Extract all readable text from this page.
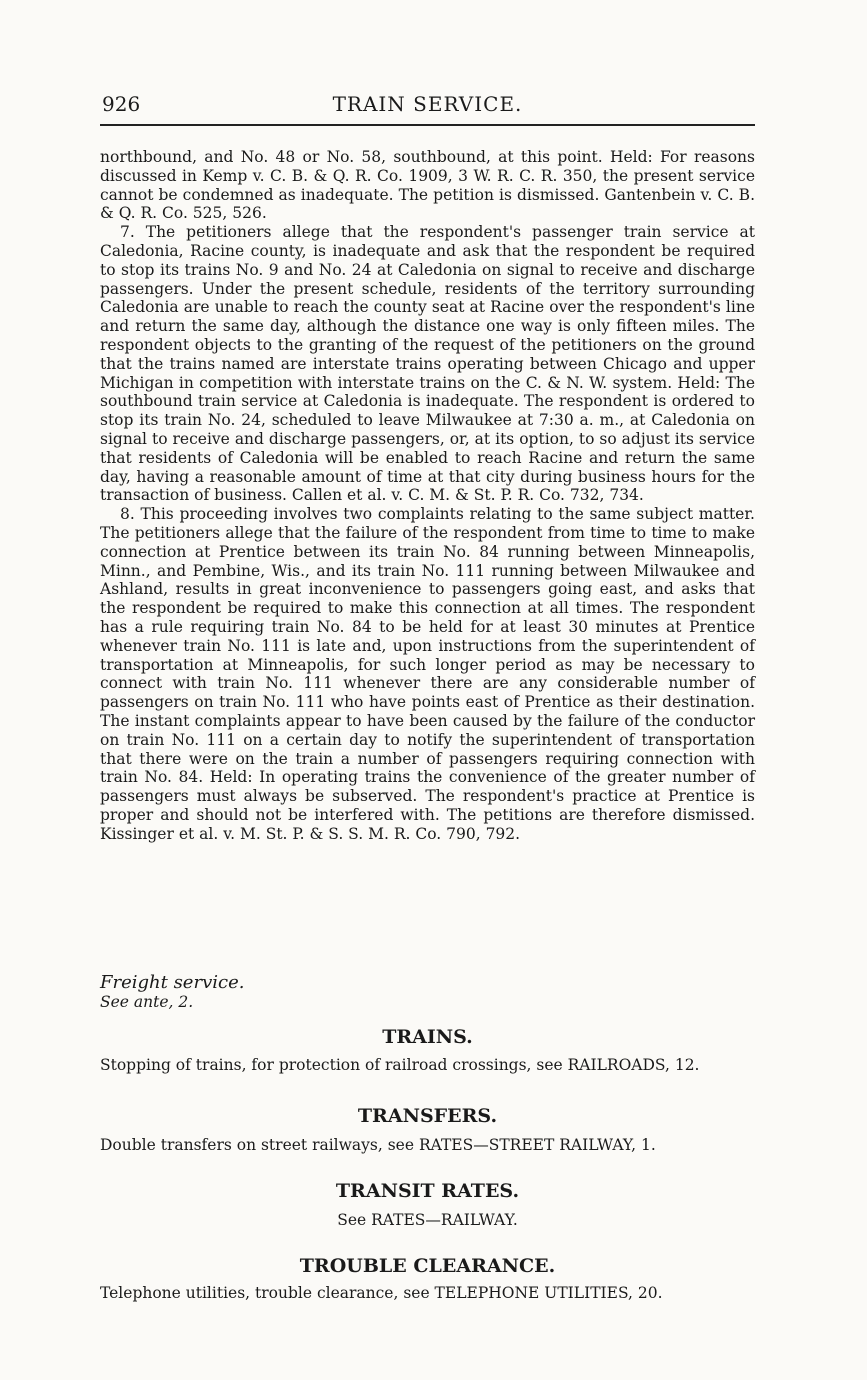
926	TRAIN SERVICE.

northbound, and No. 48 or No. 58, southbound, at this point. Held: For reasons discussed in Kemp v. C. B. & Q. R. Co. 1909, 3 W. R. C. R. 350, the present service cannot be condemned as inadequate. The petition is dismissed. Gantenbein v. C. B. & Q. R. Co. 525, 526.

7. The petitioners allege that the respondent's passenger train service at Caledonia, Racine county, is inadequate and ask that the respondent be required to stop its trains No. 9 and No. 24 at Caledonia on signal to receive and discharge passengers. Under the present schedule, residents of the territory surrounding Caledonia are unable to reach the county seat at Racine over the respondent's line and return the same day, although the distance one way is only fifteen miles. The respondent objects to the granting of the request of the petitioners on the ground that the trains named are interstate trains operating between Chicago and upper Michigan in competition with interstate trains on the C. & N. W. system. Held: The southbound train service at Caledonia is inadequate. The respondent is ordered to stop its train No. 24, scheduled to leave Milwaukee at 7:30 a. m., at Caledonia on signal to receive and discharge passengers, or, at its option, to so adjust its service that residents of Caledonia will be enabled to reach Racine and return the same day, having a reasonable amount of time at that city during business hours for the transaction of business. Callen et al. v. C. M. & St. P. R. Co. 732, 734.

8. This proceeding involves two complaints relating to the same subject matter. The petitioners allege that the failure of the respondent from time to time to make connection at Prentice between its train No. 84 running between Minneapolis, Minn., and Pembine, Wis., and its train No. 111 running between Milwaukee and Ashland, results in great inconvenience to passengers going east, and asks that the respondent be required to make this connection at all times. The respondent has a rule requiring train No. 84 to be held for at least 30 minutes at Prentice whenever train No. 111 is late and, upon instructions from the superintendent of transportation at Minneapolis, for such longer period as may be necessary to connect with train No. 111 whenever there are any considerable number of passengers on train No. 111 who have points east of Prentice as their destination. The instant complaints appear to have been caused by the failure of the conductor on train No. 111 on a certain day to notify the superintendent of transportation that there were on the train a number of passengers requiring connection with train No. 84. Held: In operating trains the convenience of the greater number of passengers must always be subserved. The respondent's practice at Prentice is proper and should not be interfered with. The petitions are therefore dismissed. Kissinger et al. v. M. St. P. & S. S. M. R. Co. 790, 792.

Freight service.
See ante, 2.
TRAINS.
Stopping of trains, for protection of railroad crossings, see RAILROADS, 12.
TRANSFERS.
Double transfers on street railways, see RATES—STREET RAILWAY, 1.
TRANSIT RATES.
See RATES—RAILWAY.
TROUBLE CLEARANCE.
Telephone utilities, trouble clearance, see TELEPHONE UTILITIES, 20.
